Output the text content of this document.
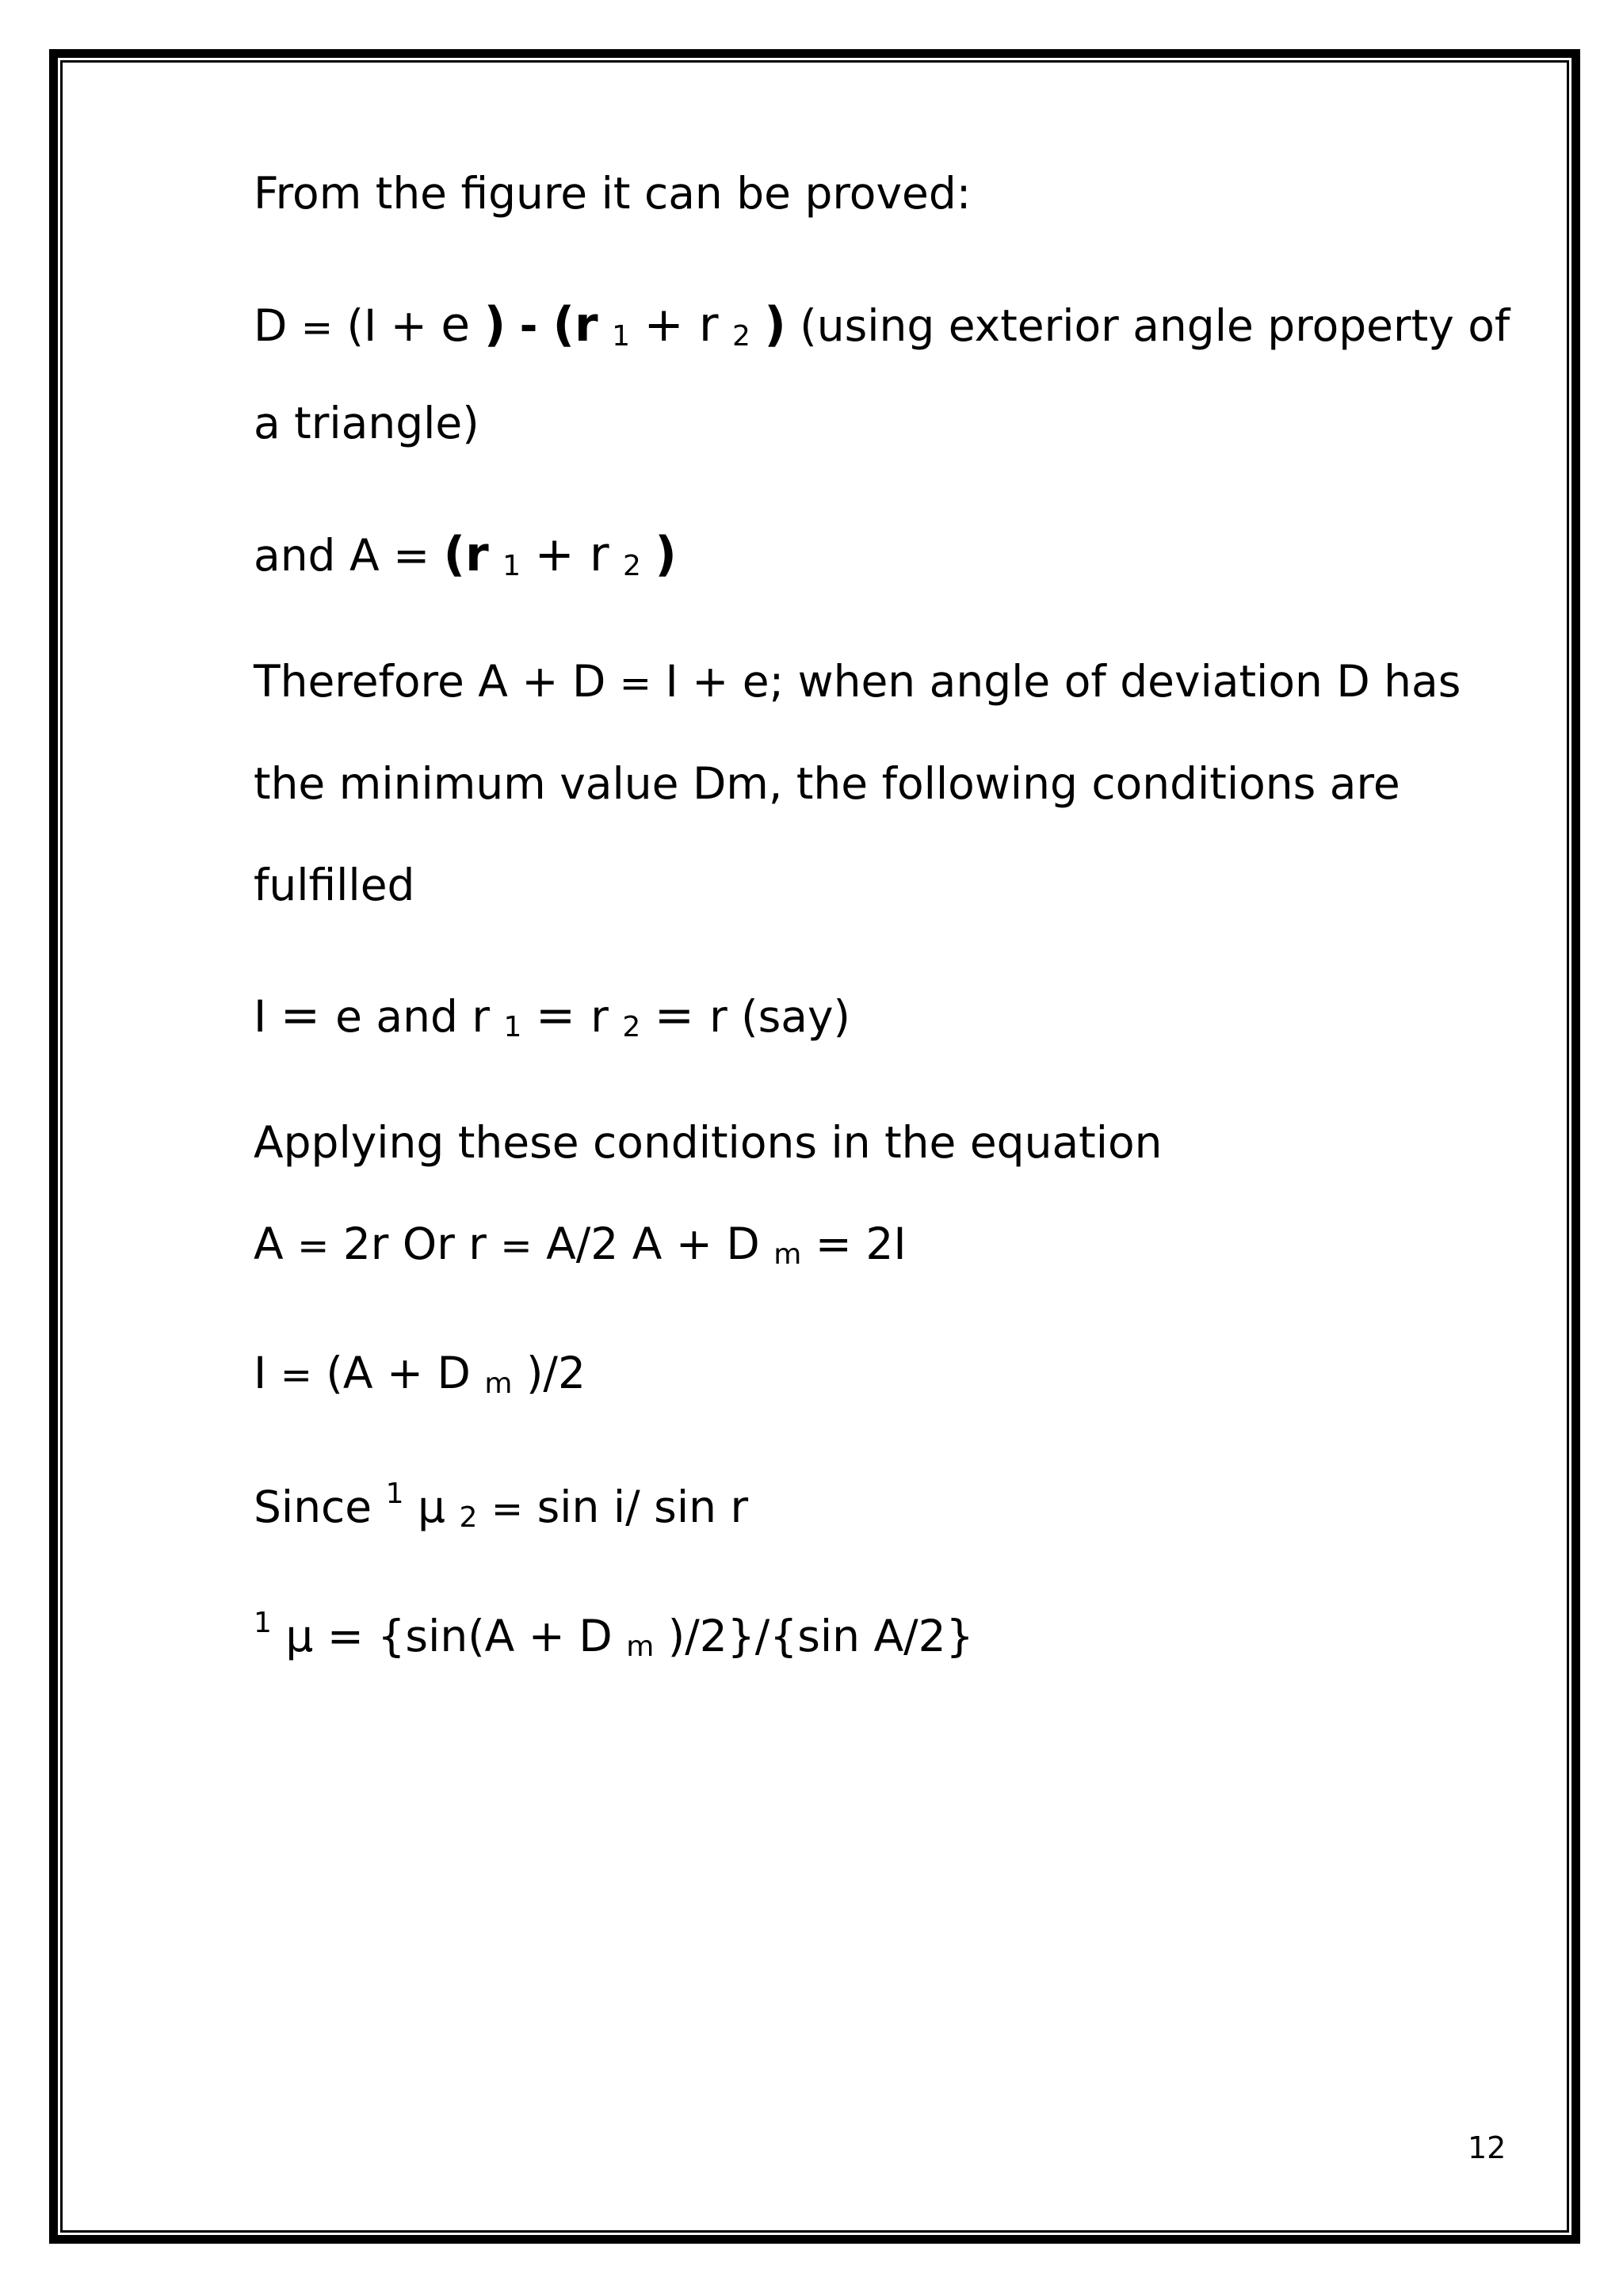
From the figure it can be proved:
D = (I + e ) - (r 1 + r 2 ) (using exterior angle property of
a triangle)
and A = (r 1 + r 2 )
Therefore A + D = I + e; when angle of deviation D has
the minimum value Dm, the following conditions are
fulfilled
I = e and r 1 = r 2 = r (say)
Applying these conditions in the equation
A = 2r Or r = A/2 A + D m = 2I
I = (A + D m )/2
Since $^1$ μ 2 = sin i/ sin r
$^1$ μ = {sin(A + D m )/2}/{sin A/2}
12
